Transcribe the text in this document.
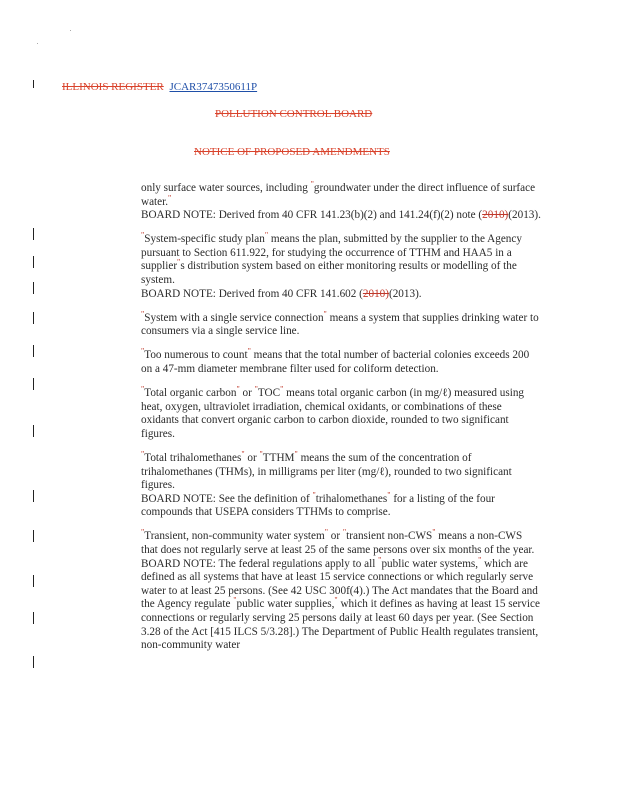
ILLINOIS REGISTER JCAR3747350611P
POLLUTION CONTROL BOARD
NOTICE OF PROPOSED AMENDMENTS

only surface water sources, including "groundwater under the direct influence of surface water."
BOARD NOTE: Derived from 40 CFR 141.23(b)(2) and 141.24(f)(2) note (2010)(2013).

"System-specific study plan" means the plan, submitted by the supplier to the Agency pursuant to Section 611.922, for studying the occurrence of TTHM and HAA5 in a supplier"s distribution system based on either monitoring results or modelling of the system.
BOARD NOTE: Derived from 40 CFR 141.602 (2010)(2013).

"System with a single service connection" means a system that supplies drinking water to consumers via a single service line.

"Too numerous to count" means that the total number of bacterial colonies exceeds 200 on a 47-mm diameter membrane filter used for coliform detection.

"Total organic carbon" or "TOC" means total organic carbon (in mg/ℓ) measured using heat, oxygen, ultraviolet irradiation, chemical oxidants, or combinations of these oxidants that convert organic carbon to carbon dioxide, rounded to two significant figures.

"Total trihalomethanes" or "TTHM" means the sum of the concentration of trihalomethanes (THMs), in milligrams per liter (mg/ℓ), rounded to two significant figures.
BOARD NOTE: See the definition of "trihalomethanes" for a listing of the four compounds that USEPA considers TTHMs to comprise.

"Transient, non-community water system" or "transient non-CWS" means a non-CWS that does not regularly serve at least 25 of the same persons over six months of the year.
BOARD NOTE: The federal regulations apply to all "public water systems," which are defined as all systems that have at least 15 service connections or which regularly serve water to at least 25 persons. (See 42 USC 300f(4).) The Act mandates that the Board and the Agency regulate "public water supplies," which it defines as having at least 15 service connections or regularly serving 25 persons daily at least 60 days per year. (See Section 3.28 of the Act [415 ILCS 5/3.28].) The Department of Public Health regulates transient, non-community water
